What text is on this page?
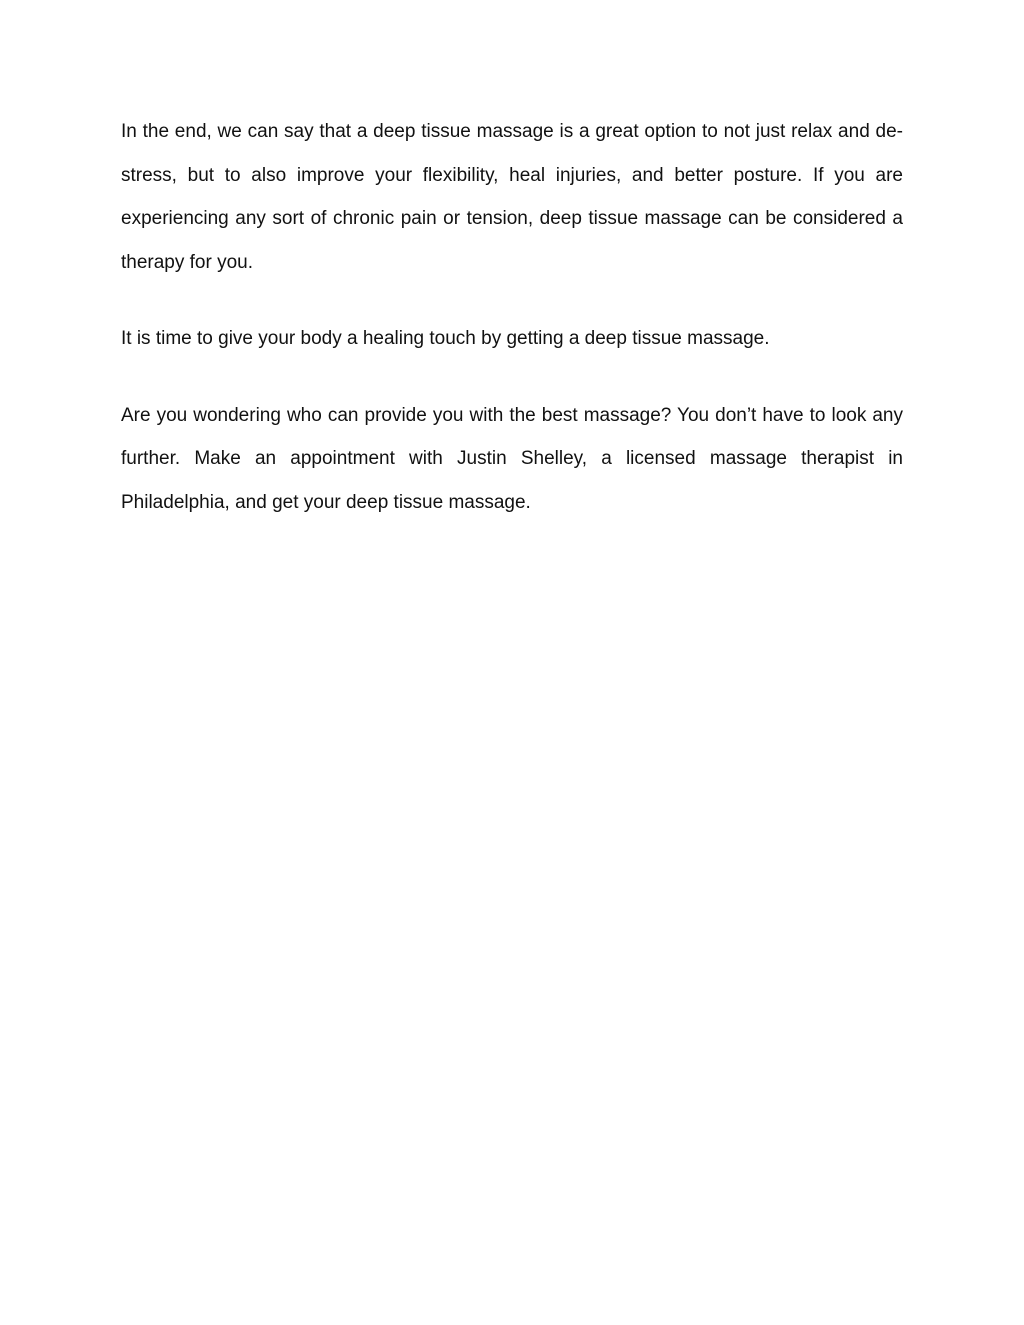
In the end, we can say that a deep tissue massage is a great option to not just relax and de-stress, but to also improve your flexibility, heal injuries, and better posture. If you are experiencing any sort of chronic pain or tension, deep tissue massage can be considered a therapy for you.

It is time to give your body a healing touch by getting a deep tissue massage.

Are you wondering who can provide you with the best massage? You don’t have to look any further. Make an appointment with Justin Shelley, a licensed massage therapist in Philadelphia, and get your deep tissue massage.
